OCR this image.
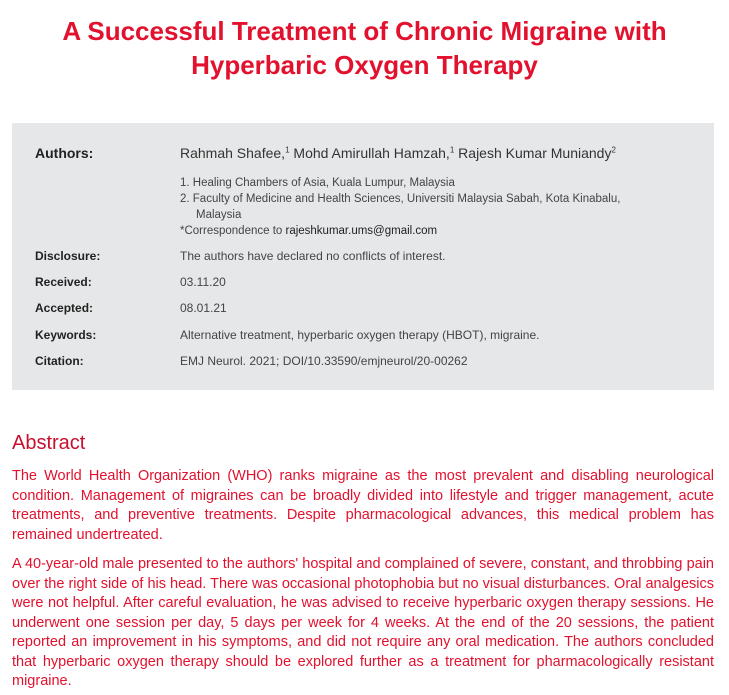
A Successful Treatment of Chronic Migraine with
Hyperbaric Oxygen Therapy
Authors:	Rahmah Shafee,$^1$ Mohd Amirullah Hamzah,$^1$ Rajesh Kumar Muniandy$^2$
1. Healing Chambers of Asia, Kuala Lumpur, Malaysia
2. Faculty of Medicine and Health Sciences, Universiti Malaysia Sabah, Kota Kinabalu,
Malaysia
*Correspondence to rajeshkumar.ums@gmail.com
Disclosure:	The authors have declared no conflicts of interest.
Received:	03.11.20
Accepted:	08.01.21
Keywords:	Alternative treatment, hyperbaric oxygen therapy (HBOT), migraine.
Citation:	EMJ Neurol. 2021; DOI/10.33590/emjneurol/20-00262
Abstract
The World Health Organization (WHO) ranks migraine as the most prevalent and disabling neurological condition. Management of migraines can be broadly divided into lifestyle and trigger management, acute treatments, and preventive treatments. Despite pharmacological advances, this medical problem has remained undertreated.
A 40-year-old male presented to the authors' hospital and complained of severe, constant, and throbbing pain over the right side of his head. There was occasional photophobia but no visual disturbances. Oral analgesics were not helpful. After careful evaluation, he was advised to receive hyperbaric oxygen therapy sessions. He underwent one session per day, 5 days per week for 4 weeks. At the end of the 20 sessions, the patient reported an improvement in his symptoms, and did not require any oral medication. The authors concluded that hyperbaric oxygen therapy should be explored further as a treatment for pharmacologically resistant migraine.
